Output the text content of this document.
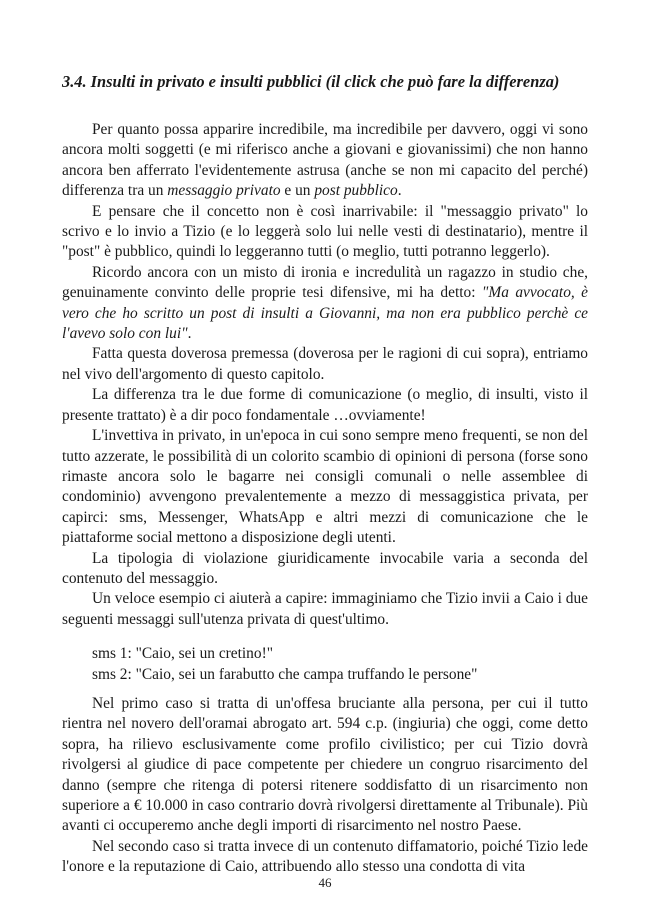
3.4. Insulti in privato e insulti pubblici (il click che può fare la differenza)

Per quanto possa apparire incredibile, ma incredibile per davvero, oggi vi sono ancora molti soggetti (e mi riferisco anche a giovani e giovanissimi) che non hanno ancora ben afferrato l'evidentemente astrusa (anche se non mi capacito del perché) differenza tra un messaggio privato e un post pubblico.

E pensare che il concetto non è così inarrivabile: il "messaggio privato" lo scrivo e lo invio a Tizio (e lo leggerà solo lui nelle vesti di destinatario), mentre il "post" è pubblico, quindi lo leggeranno tutti (o meglio, tutti potranno leggerlo).

Ricordo ancora con un misto di ironia e incredulità un ragazzo in studio che, genuinamente convinto delle proprie tesi difensive, mi ha detto: "Ma avvocato, è vero che ho scritto un post di insulti a Giovanni, ma non era pubblico perchè ce l'avevo solo con lui".

Fatta questa doverosa premessa (doverosa per le ragioni di cui sopra), entriamo nel vivo dell'argomento di questo capitolo.

La differenza tra le due forme di comunicazione (o meglio, di insulti, visto il presente trattato) è a dir poco fondamentale …ovviamente!

L'invettiva in privato, in un'epoca in cui sono sempre meno frequenti, se non del tutto azzerate, le possibilità di un colorito scambio di opinioni di persona (forse sono rimaste ancora solo le bagarre nei consigli comunali o nelle assemblee di condominio) avvengono prevalentemente a mezzo di messaggistica privata, per capirci: sms, Messenger, WhatsApp e altri mezzi di comunicazione che le piattaforme social mettono a disposizione degli utenti.

La tipologia di violazione giuridicamente invocabile varia a seconda del contenuto del messaggio.

Un veloce esempio ci aiuterà a capire: immaginiamo che Tizio invii a Caio i due seguenti messaggi sull'utenza privata di quest'ultimo.

sms 1: "Caio, sei un cretino!"
sms 2: "Caio, sei un farabutto che campa truffando le persone"

Nel primo caso si tratta di un'offesa bruciante alla persona, per cui il tutto rientra nel novero dell'oramai abrogato art. 594 c.p. (ingiuria) che oggi, come detto sopra, ha rilievo esclusivamente come profilo civilistico; per cui Tizio dovrà rivolgersi al giudice di pace competente per chiedere un congruo risarcimento del danno (sempre che ritenga di potersi ritenere soddisfatto di un risarcimento non superiore a € 10.000 in caso contrario dovrà rivolgersi direttamente al Tribunale). Più avanti ci occuperemo anche degli importi di risarcimento nel nostro Paese.

Nel secondo caso si tratta invece di un contenuto diffamatorio, poiché Tizio lede l'onore e la reputazione di Caio, attribuendo allo stesso una condotta di vita

46
